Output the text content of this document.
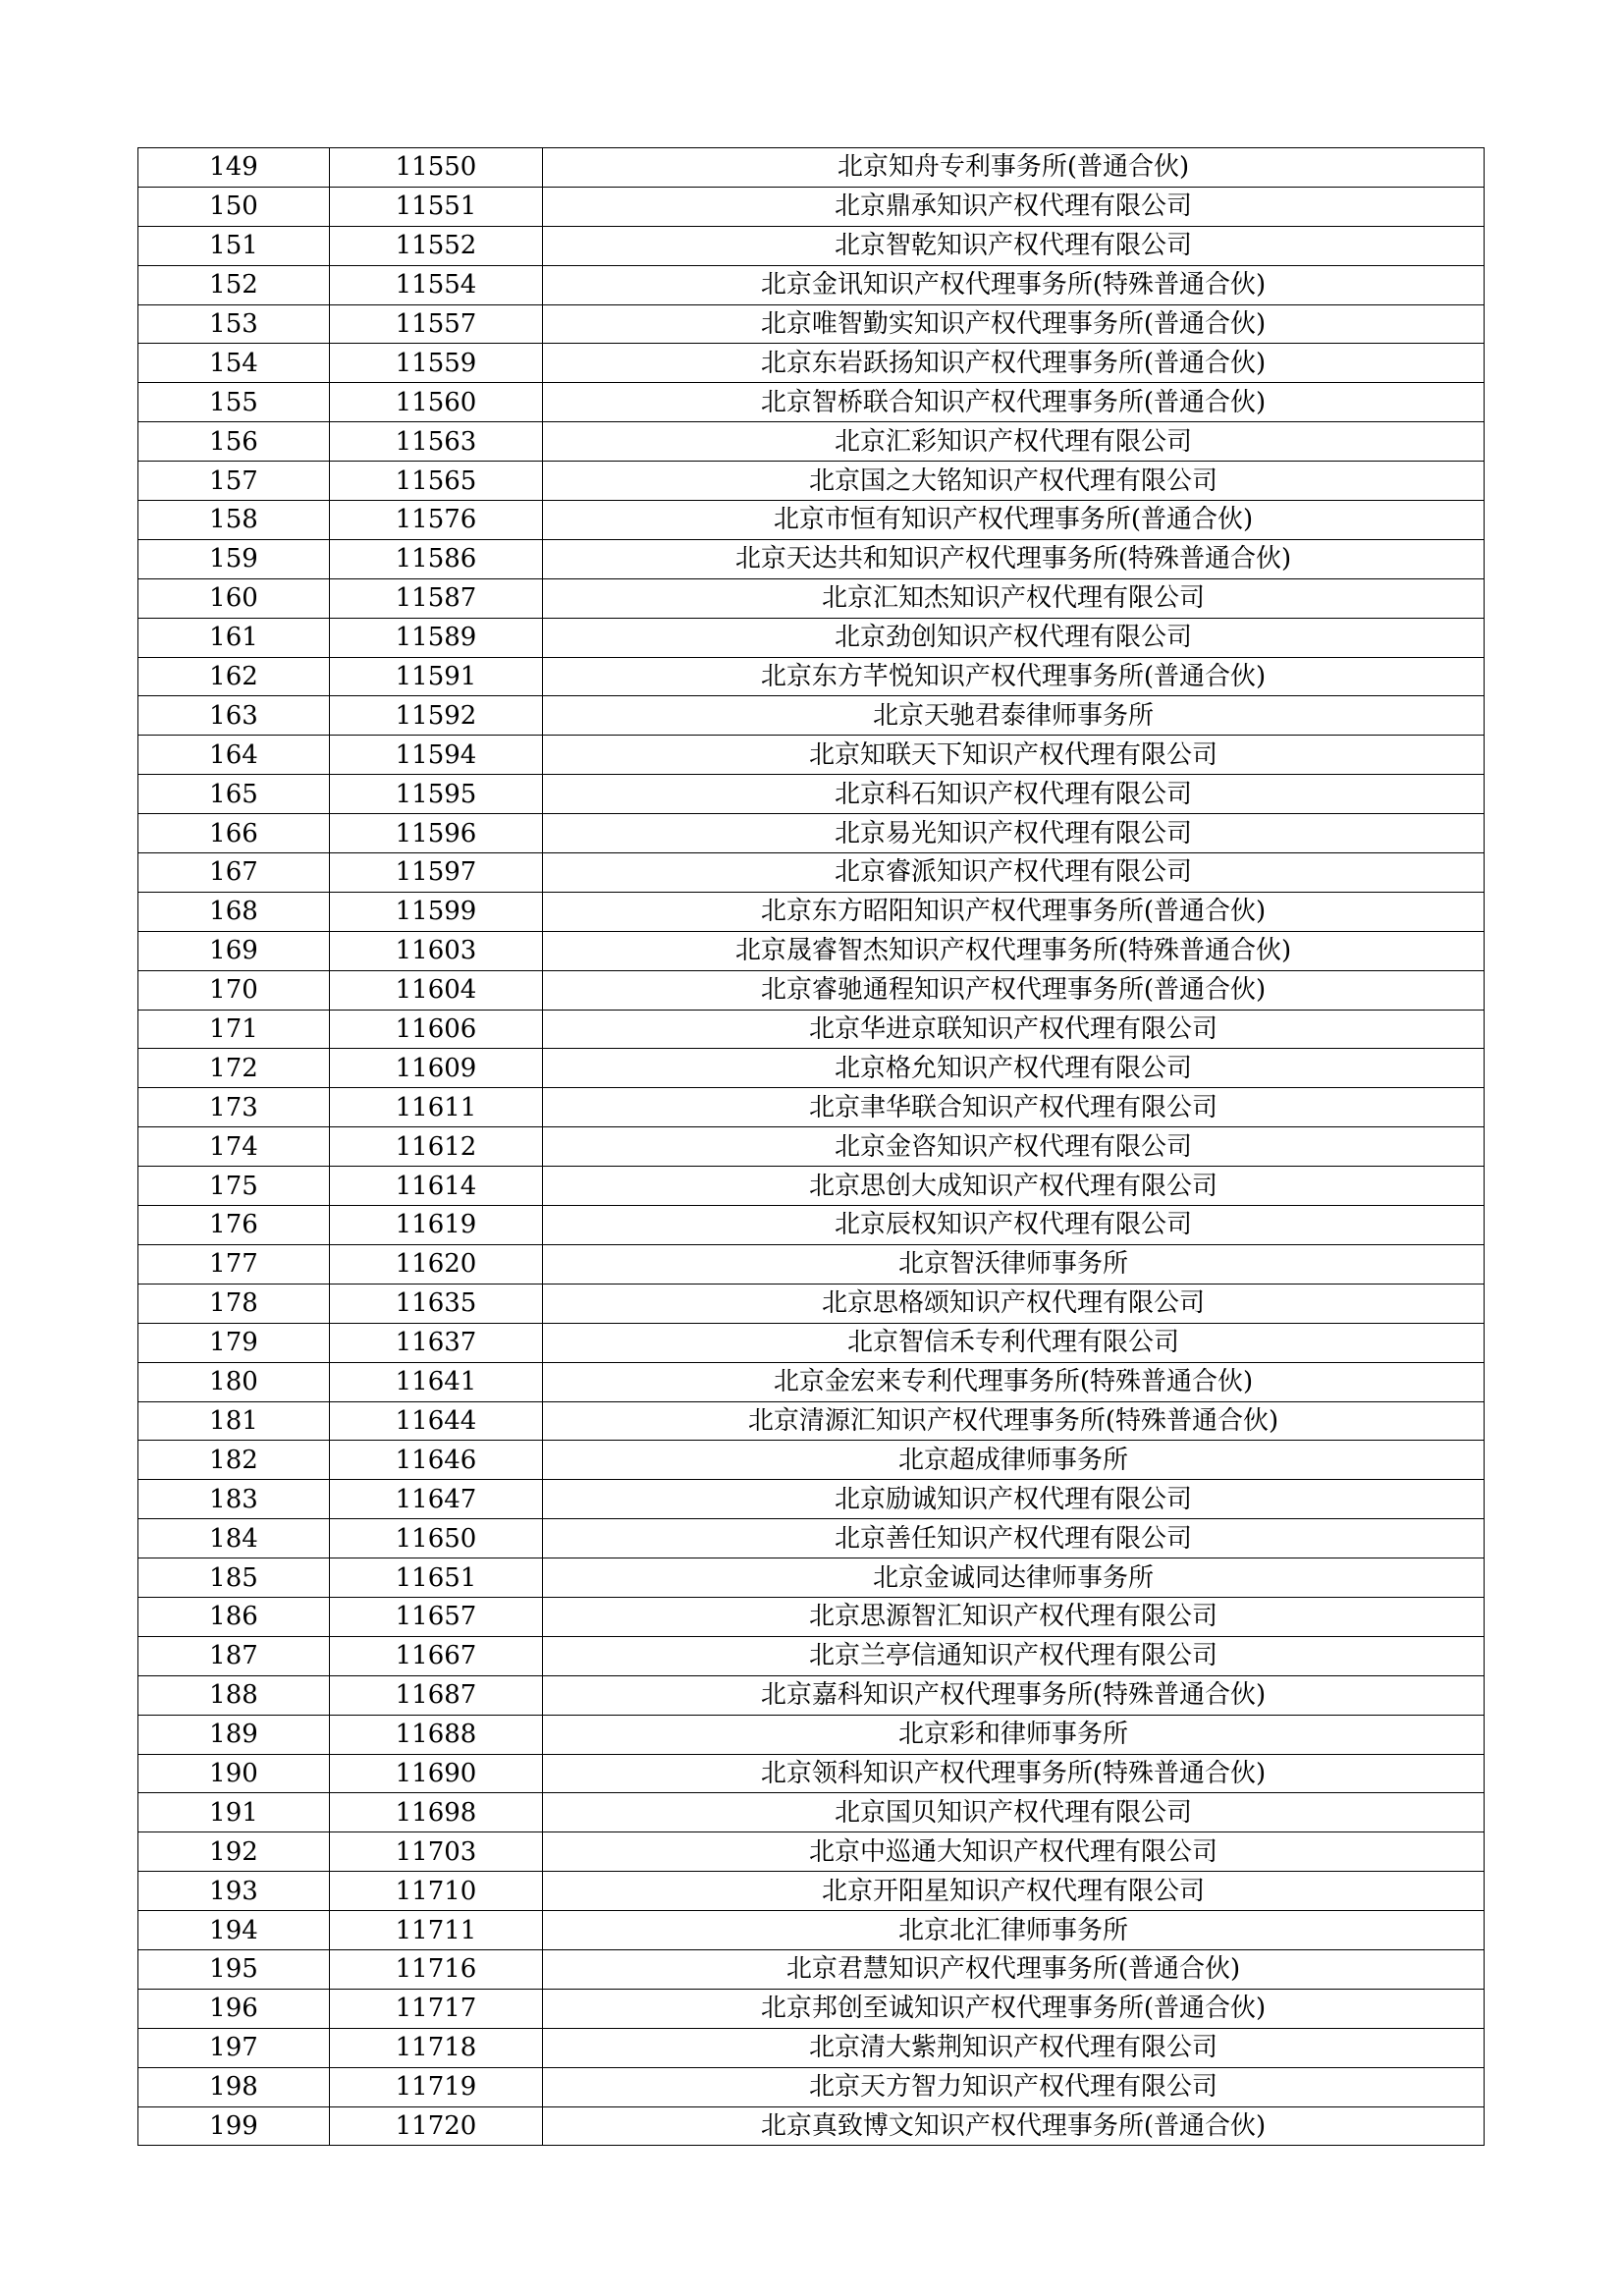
149	11550	北京知舟专利事务所(普通合伙)
150	11551	北京鼎承知识产权代理有限公司
151	11552	北京智乾知识产权代理有限公司
152	11554	北京金讯知识产权代理事务所(特殊普通合伙)
153	11557	北京唯智勤实知识产权代理事务所(普通合伙)
154	11559	北京东岩跃扬知识产权代理事务所(普通合伙)
155	11560	北京智桥联合知识产权代理事务所(普通合伙)
156	11563	北京汇彩知识产权代理有限公司
157	11565	北京国之大铭知识产权代理有限公司
158	11576	北京市恒有知识产权代理事务所(普通合伙)
159	11586	北京天达共和知识产权代理事务所(特殊普通合伙)
160	11587	北京汇知杰知识产权代理有限公司
161	11589	北京劲创知识产权代理有限公司
162	11591	北京东方芊悦知识产权代理事务所(普通合伙)
163	11592	北京天驰君泰律师事务所
164	11594	北京知联天下知识产权代理有限公司
165	11595	北京科石知识产权代理有限公司
166	11596	北京易光知识产权代理有限公司
167	11597	北京睿派知识产权代理有限公司
168	11599	北京东方昭阳知识产权代理事务所(普通合伙)
169	11603	北京晟睿智杰知识产权代理事务所(特殊普通合伙)
170	11604	北京睿驰通程知识产权代理事务所(普通合伙)
171	11606	北京华进京联知识产权代理有限公司
172	11609	北京格允知识产权代理有限公司
173	11611	北京聿华联合知识产权代理有限公司
174	11612	北京金咨知识产权代理有限公司
175	11614	北京思创大成知识产权代理有限公司
176	11619	北京辰权知识产权代理有限公司
177	11620	北京智沃律师事务所
178	11635	北京思格颂知识产权代理有限公司
179	11637	北京智信禾专利代理有限公司
180	11641	北京金宏来专利代理事务所(特殊普通合伙)
181	11644	北京清源汇知识产权代理事务所(特殊普通合伙)
182	11646	北京超成律师事务所
183	11647	北京励诚知识产权代理有限公司
184	11650	北京善任知识产权代理有限公司
185	11651	北京金诚同达律师事务所
186	11657	北京思源智汇知识产权代理有限公司
187	11667	北京兰亭信通知识产权代理有限公司
188	11687	北京嘉科知识产权代理事务所(特殊普通合伙)
189	11688	北京彩和律师事务所
190	11690	北京领科知识产权代理事务所(特殊普通合伙)
191	11698	北京国贝知识产权代理有限公司
192	11703	北京中巡通大知识产权代理有限公司
193	11710	北京开阳星知识产权代理有限公司
194	11711	北京北汇律师事务所
195	11716	北京君慧知识产权代理事务所(普通合伙)
196	11717	北京邦创至诚知识产权代理事务所(普通合伙)
197	11718	北京清大紫荆知识产权代理有限公司
198	11719	北京天方智力知识产权代理有限公司
199	11720	北京真致博文知识产权代理事务所(普通合伙)
